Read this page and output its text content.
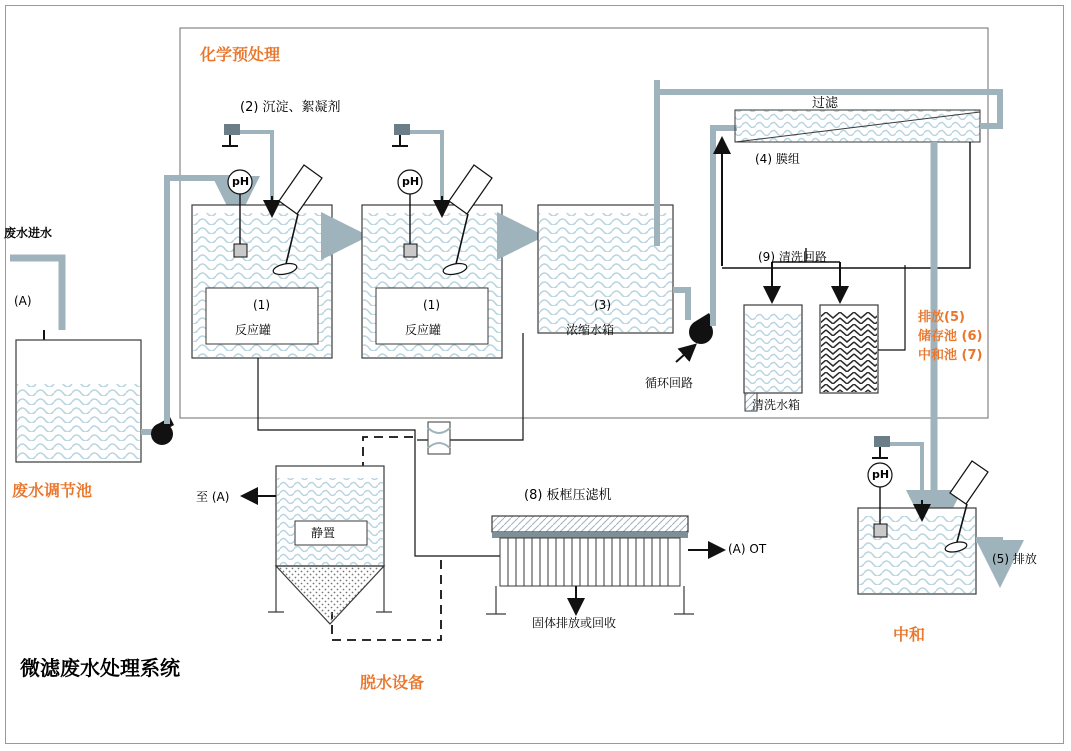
化学预处理
(2) 沉淀、絮凝剂
废水进水
(A)
废水调节池
pH	pH
pH
(1)
反应罐
(1)
反应罐
(3)
浓缩水箱
过滤
(4) 膜组
循环回路
(9) 清洗回路
清洗水箱
排放(5)
储存池 (6)
中和池 (7)
至 (A)
静置
脱水设备
(8) 板框压滤机
(A) OT
固体排放或回收
(5) 排放
中和
微滤废水处理系统
